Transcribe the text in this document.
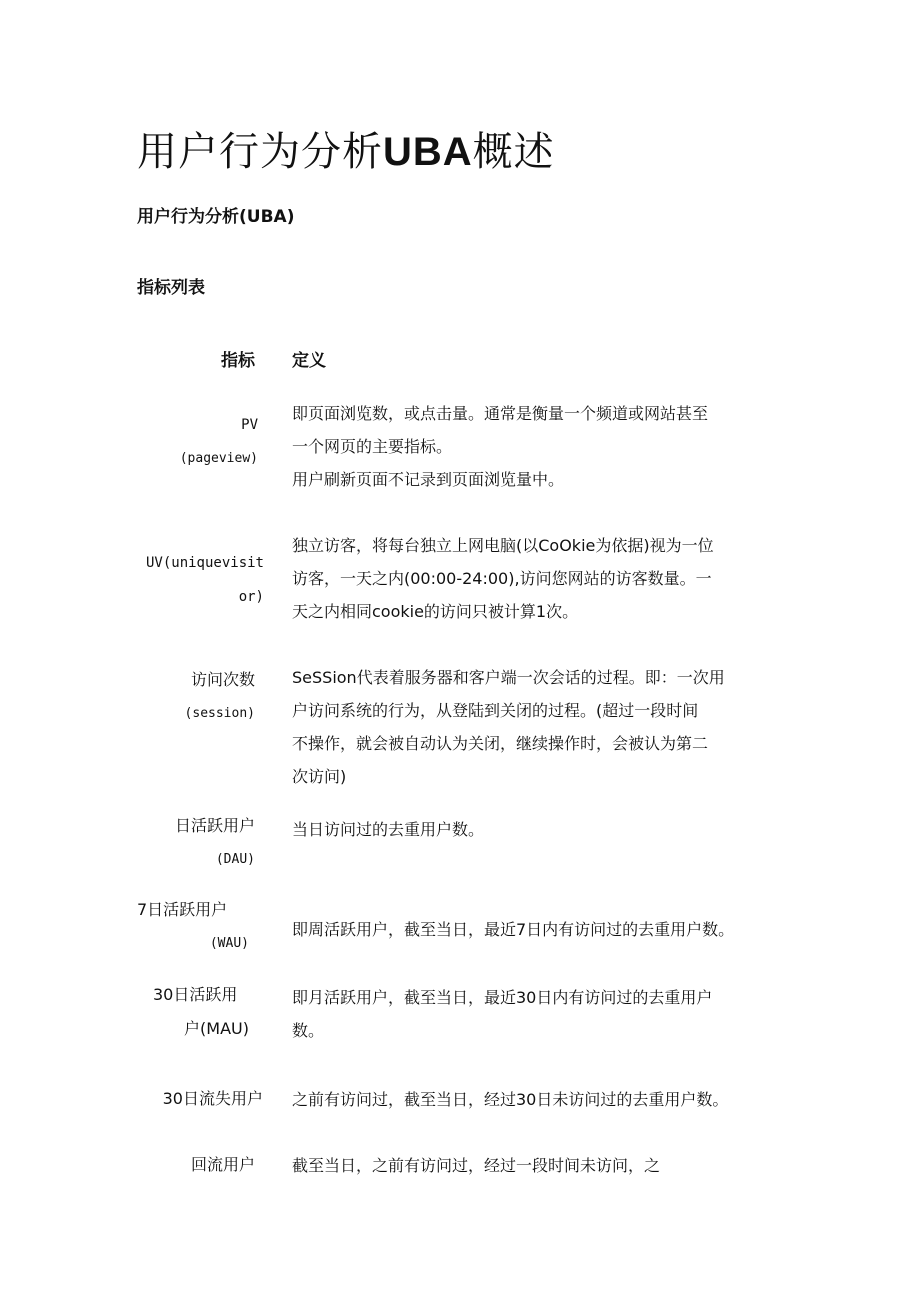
用户行为分析UBA概述
用户行为分析(UBA)
指标列表
指标 定义
PV
(pageview)

即页面浏览数，或点击量。通常是衡量一个频道或网站甚至
一个网页的主要指标。
用户刷新页面不记录到页面浏览量中。

UV(uniquevisit
or)

独立访客，将每台独立上网电脑(以CoOkie为依据)视为一位
访客，一天之内(00:00-24:00),访问您网站的访客数量。一
天之内相同cookie的访问只被计算1次。

访问次数
(session)

SeSSion代表着服务器和客户端一次会话的过程。即：一次用
户访问系统的行为，从登陆到关闭的过程。(超过一段时间
不操作，就会被自动认为关闭，继续操作时，会被认为第二
次访问)

日活跃用户
(DAU)

当日访问过的去重用户数。

7日活跃用户
(WAU)

即周活跃用户，截至当日，最近7日内有访问过的去重用户数。

30日活跃用
户(MAU)

即月活跃用户，截至当日，最近30日内有访问过的去重用户
数。

30日流失用户 之前有访问过，截至当日，经过30日未访问过的去重用户数。

回流用户 截至当日，之前有访问过，经过一段时间未访问，之
